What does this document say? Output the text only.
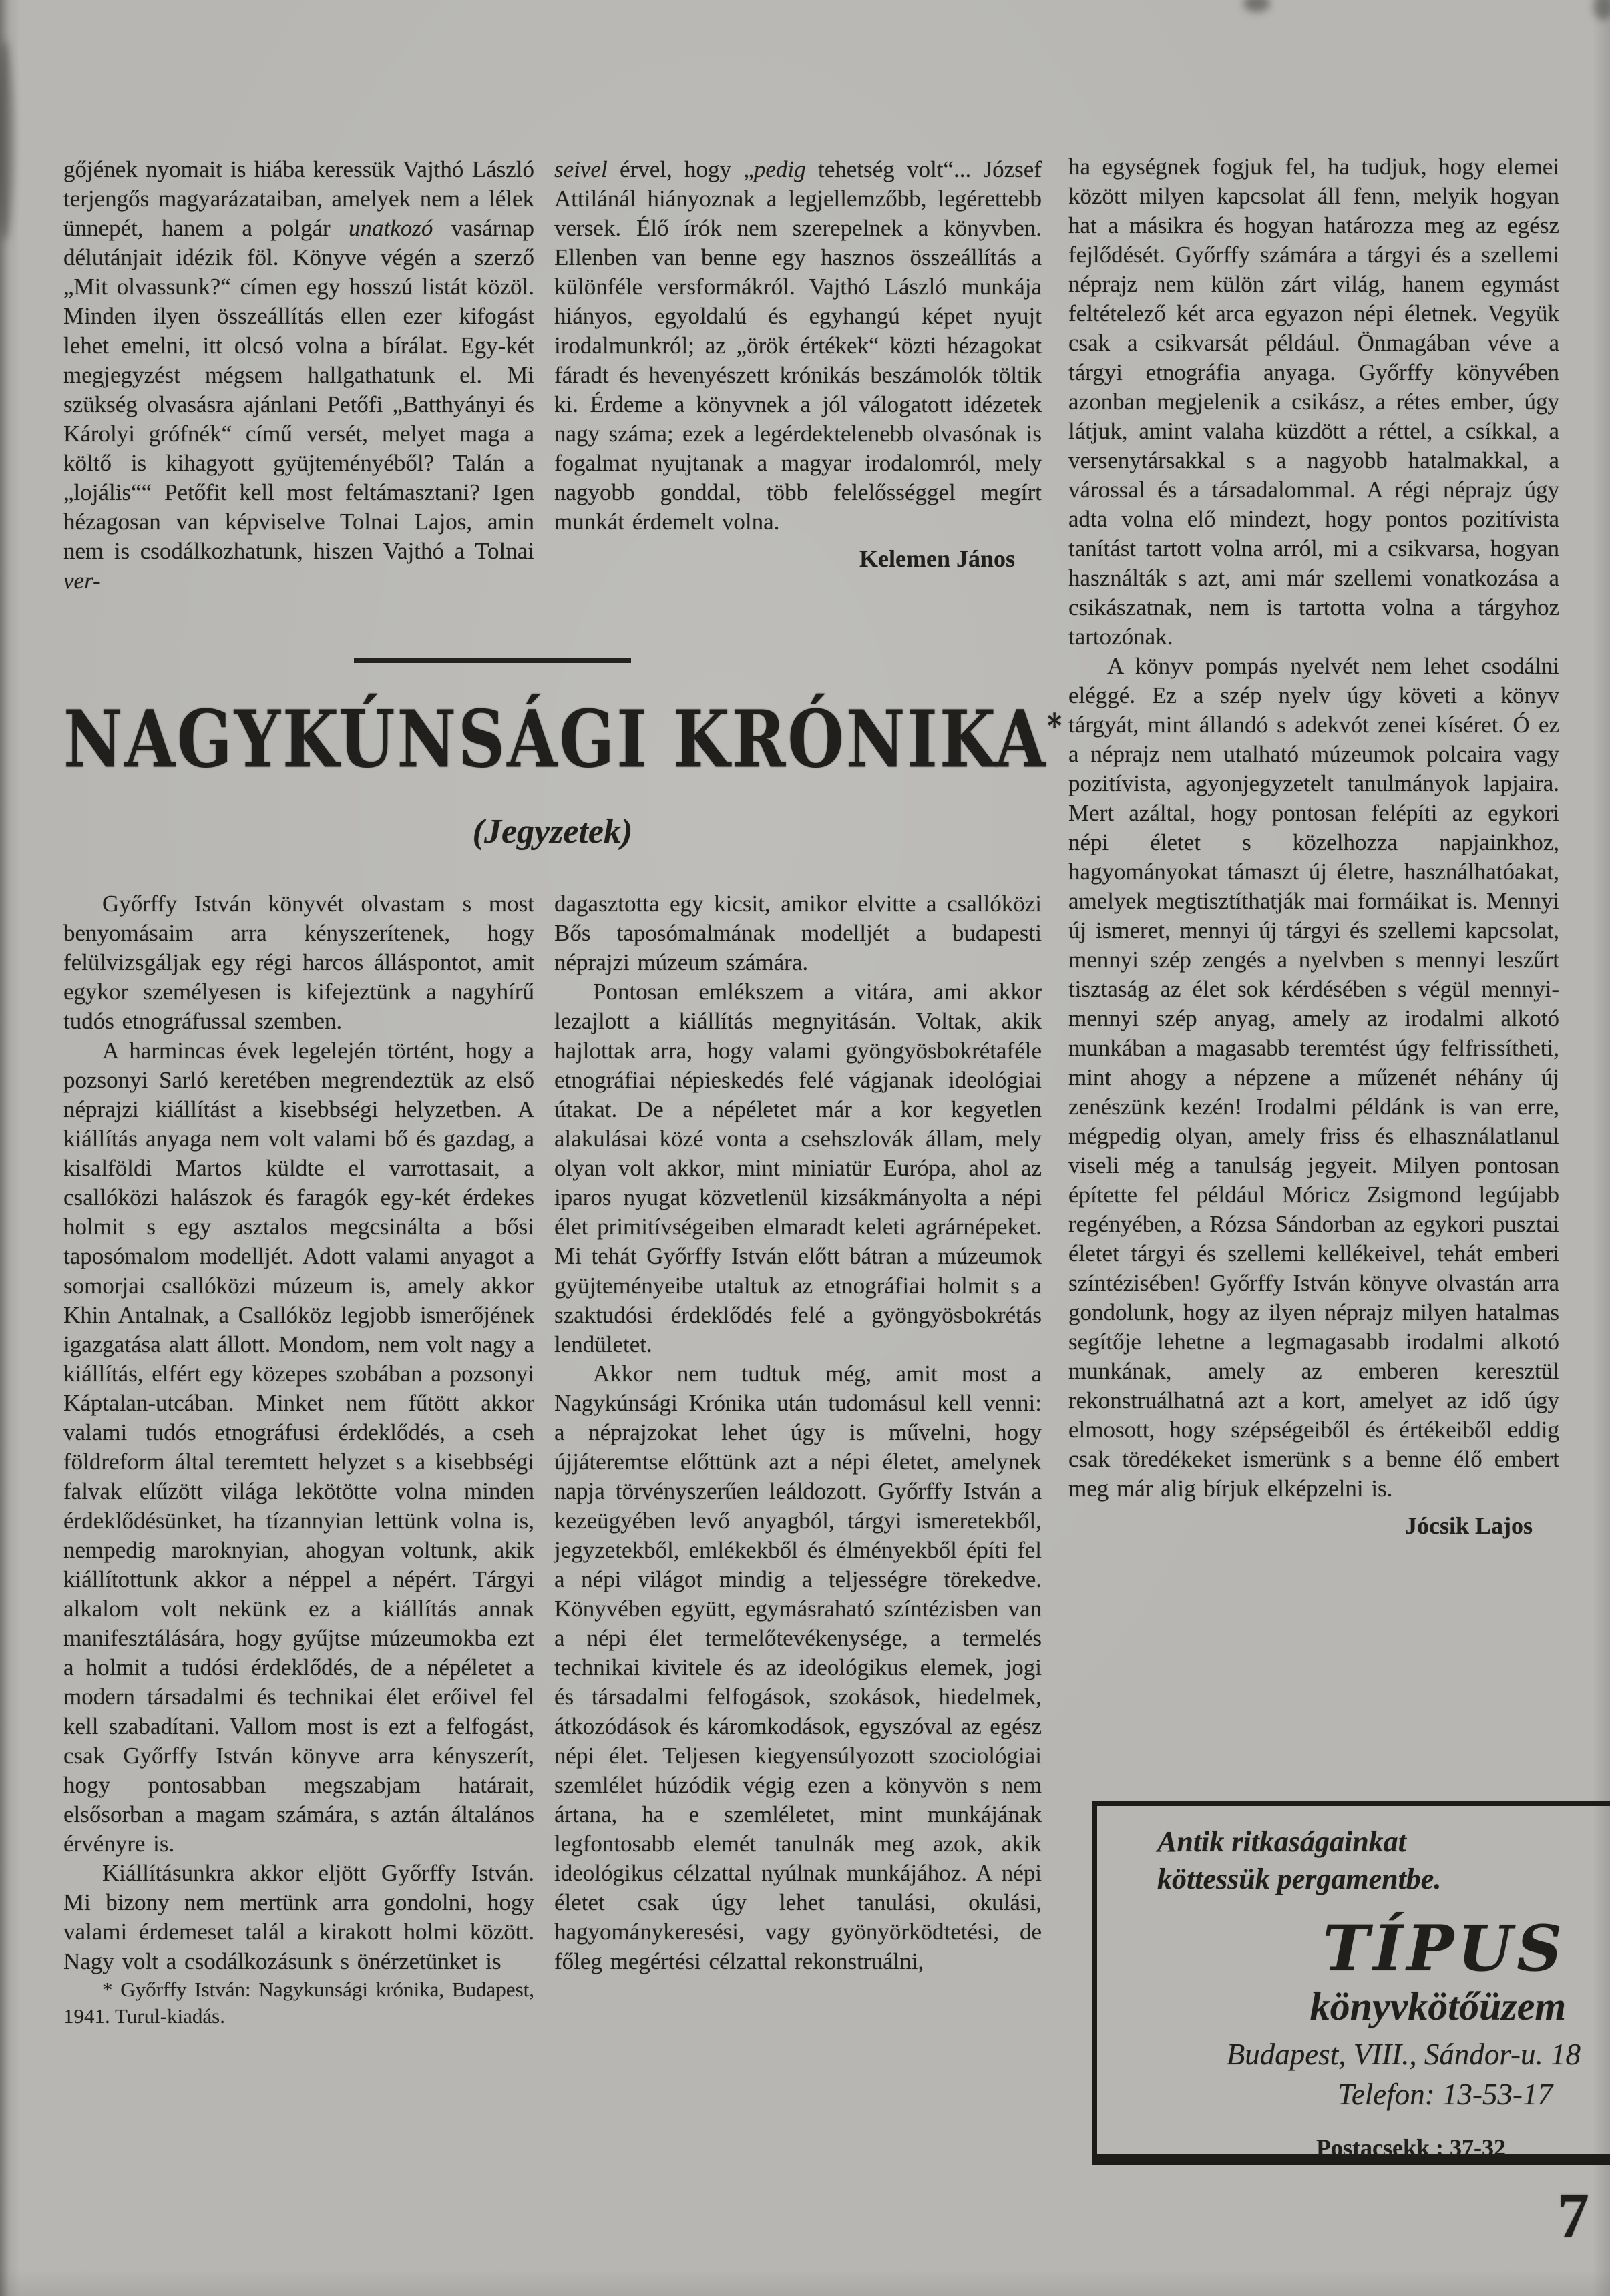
gőjének nyomait is hiába keressük Vajthó László terjengős magyarázataiban, amelyek nem a lélek ünnepét, hanem a polgár unatkozó vasárnap délutánjait idézik föl. Könyve végén a szerző „Mit olvassunk?“ címen egy hosszú listát közöl. Minden ilyen összeállítás ellen ezer kifogást lehet emelni, itt olcsó volna a bírálat. Egy-két megjegyzést mégsem hallgathatunk el. Mi szükség olvasásra ajánlani Petőfi „Batthyányi és Károlyi grófnék“ című versét, melyet maga a költő is kihagyott gyüjteményéből? Talán a „lojális““ Petőfit kell most feltámasztani? Igen hézagosan van képviselve Tolnai Lajos, amin nem is csodálkozhatunk, hiszen Vajthó a Tolnai ver-

seivel érvel, hogy „pedig tehetség volt“... József Attilánál hiányoznak a legjellemzőbb, legérettebb versek. Élő írók nem szerepelnek a könyvben. Ellenben van benne egy hasznos összeállítás a különféle versformákról. Vajthó László munkája hiányos, egyoldalú és egyhangú képet nyujt irodalmunkról; az „örök értékek“ közti hézagokat fáradt és hevenyészett krónikás beszámolók töltik ki. Érdeme a könyvnek a jól válogatott idézetek nagy száma; ezek a legérdektelenebb olvasónak is fogalmat nyujtanak a magyar irodalomról, mely nagyobb gonddal, több felelősséggel megírt munkát érdemelt volna.

Kelemen János
NAGYKÚNSÁGI KRÓNIKA*
(Jegyzetek)

Győrffy István könyvét olvastam s most benyomásaim arra kényszerítenek, hogy felülvizsgáljak egy régi harcos álláspontot, amit egykor személyesen is kifejeztünk a nagyhírű tudós etnográfussal szemben.

A harmincas évek legelején történt, hogy a pozsonyi Sarló keretében megrendeztük az első néprajzi kiállítást a kisebbségi helyzetben. A kiállítás anyaga nem volt valami bő és gazdag, a kisalföldi Martos küldte el varrottasait, a csallóközi halászok és faragók egy-két érdekes holmit s egy asztalos megcsinálta a bősi taposómalom modelljét. Adott valami anyagot a somorjai csallóközi múzeum is, amely akkor Khin Antalnak, a Csallóköz legjobb ismerőjének igazgatása alatt állott. Mondom, nem volt nagy a kiállítás, elfért egy közepes szobában a pozsonyi Káptalan-utcában. Minket nem fűtött akkor valami tudós etnográfusi érdeklődés, a cseh földreform által teremtett helyzet s a kisebbségi falvak elűzött világa lekötötte volna minden érdeklődésünket, ha tízannyian lettünk volna is, nempedig maroknyian, ahogyan voltunk, akik kiállítottunk akkor a néppel a népért. Tárgyi alkalom volt nekünk ez a kiállítás annak manifesztálására, hogy gyűjtse múzeumokba ezt a holmit a tudósi érdeklődés, de a népéletet a modern társadalmi és technikai élet erőivel fel kell szabadítani. Vallom most is ezt a felfogást, csak Győrffy István könyve arra kényszerít, hogy pontosabban megszabjam határait, elsősorban a magam számára, s aztán általános érvényre is.

Kiállításunkra akkor eljött Győrffy István. Mi bizony nem mertünk arra gondolni, hogy valami érdemeset talál a kirakott holmi között. Nagy volt a csodálkozásunk s önérzetünket is

* Győrffy István: Nagykunsági krónika, Budapest, 1941. Turul-kiadás.

dagasztotta egy kicsit, amikor elvitte a csallóközi Bős taposómalmának modelljét a budapesti néprajzi múzeum számára.

Pontosan emlékszem a vitára, ami akkor lezajlott a kiállítás megnyitásán. Voltak, akik hajlottak arra, hogy valami gyöngyösbokrétaféle etnográfiai népieskedés felé vágjanak ideológiai útakat. De a népéletet már a kor kegyetlen alakulásai közé vonta a csehszlovák állam, mely olyan volt akkor, mint miniatür Európa, ahol az iparos nyugat közvetlenül kizsákmányolta a népi élet primitívségeiben elmaradt keleti agrárnépeket. Mi tehát Győrffy István előtt bátran a múzeumok gyüjteményeibe utaltuk az etnográfiai holmit s a szaktudósi érdeklődés felé a gyöngyösbokrétás lendületet.

Akkor nem tudtuk még, amit most a Nagykúnsági Krónika után tudomásul kell venni: a néprajzokat lehet úgy is művelni, hogy újjáteremtse előttünk azt a népi életet, amelynek napja törvényszerűen leáldozott. Győrffy István a kezeügyében levő anyagból, tárgyi ismeretekből, jegyzetekből, emlékekből és élményekből építi fel a népi világot mindig a teljességre törekedve. Könyvében együtt, egymásraható színtézisben van a népi élet termelőtevékenysége, a termelés technikai kivitele és az ideológikus elemek, jogi és társadalmi felfogások, szokások, hiedelmek, átkozódások és káromkodások, egyszóval az egész népi élet. Teljesen kiegyensúlyozott szociológiai szemlélet húzódik végig ezen a könyvön s nem ártana, ha e szemléletet, mint munkájának legfontosabb elemét tanulnák meg azok, akik ideológikus célzattal nyúlnak munkájához. A népi életet csak úgy lehet tanulási, okulási, hagyománykeresési, vagy gyönyörködtetési, de főleg megértési célzattal rekonstruálni,

ha egységnek fogjuk fel, ha tudjuk, hogy elemei között milyen kapcsolat áll fenn, melyik hogyan hat a másikra és hogyan határozza meg az egész fejlődését. Győrffy számára a tárgyi és a szellemi néprajz nem külön zárt világ, hanem egymást feltételező két arca egyazon népi életnek. Vegyük csak a csikvarsát például. Önmagában véve a tárgyi etnográfia anyaga. Győrffy könyvében azonban megjelenik a csikász, a rétes ember, úgy látjuk, amint valaha küzdött a réttel, a csíkkal, a versenytársakkal s a nagyobb hatalmakkal, a várossal és a társadalommal. A régi néprajz úgy adta volna elő mindezt, hogy pontos pozitívista tanítást tartott volna arról, mi a csikvarsa, hogyan használták s azt, ami már szellemi vonatkozása a csikászatnak, nem is tartotta volna a tárgyhoz tartozónak.

A könyv pompás nyelvét nem lehet csodálni eléggé. Ez a szép nyelv úgy követi a könyv tárgyát, mint állandó s adekvót zenei kíséret. Ó ez a néprajz nem utalható múzeumok polcaira vagy pozitívista, agyonjegyzetelt tanulmányok lapjaira. Mert azáltal, hogy pontosan felépíti az egykori népi életet s közelhozza napjainkhoz, hagyományokat támaszt új életre, használhatóakat, amelyek megtisztíthatják mai formáikat is. Mennyi új ismeret, mennyi új tárgyi és szellemi kapcsolat, mennyi szép zengés a nyelvben s mennyi leszűrt tisztaság az élet sok kérdésében s végül mennyi-mennyi szép anyag, amely az irodalmi alkotó munkában a magasabb teremtést úgy felfrissítheti, mint ahogy a népzene a műzenét néhány új zenészünk kezén! Irodalmi példánk is van erre, mégpedig olyan, amely friss és elhasználatlanul viseli még a tanulság jegyeit. Milyen pontosan építette fel például Móricz Zsigmond legújabb regényében, a Rózsa Sándorban az egykori pusztai életet tárgyi és szellemi kellékeivel, tehát emberi színtézisében! Győrffy István könyve olvastán arra gondolunk, hogy az ilyen néprajz milyen hatalmas segítője lehetne a legmagasabb irodalmi alkotó munkának, amely az emberen keresztül rekonstruálhatná azt a kort, amelyet az idő úgy elmosott, hogy szépségeiből és értékeiből eddig csak töredékeket ismerünk s a benne élő embert meg már alig bírjuk elképzelni is.

Jócsik Lajos
Antik ritkaságainkat
köttessük pergamentbe.
TÍPUS
könyvkötőüzem
Budapest, VIII., Sándor-u. 18
Telefon: 13-53-17
Postacsekk : 37-32
7
